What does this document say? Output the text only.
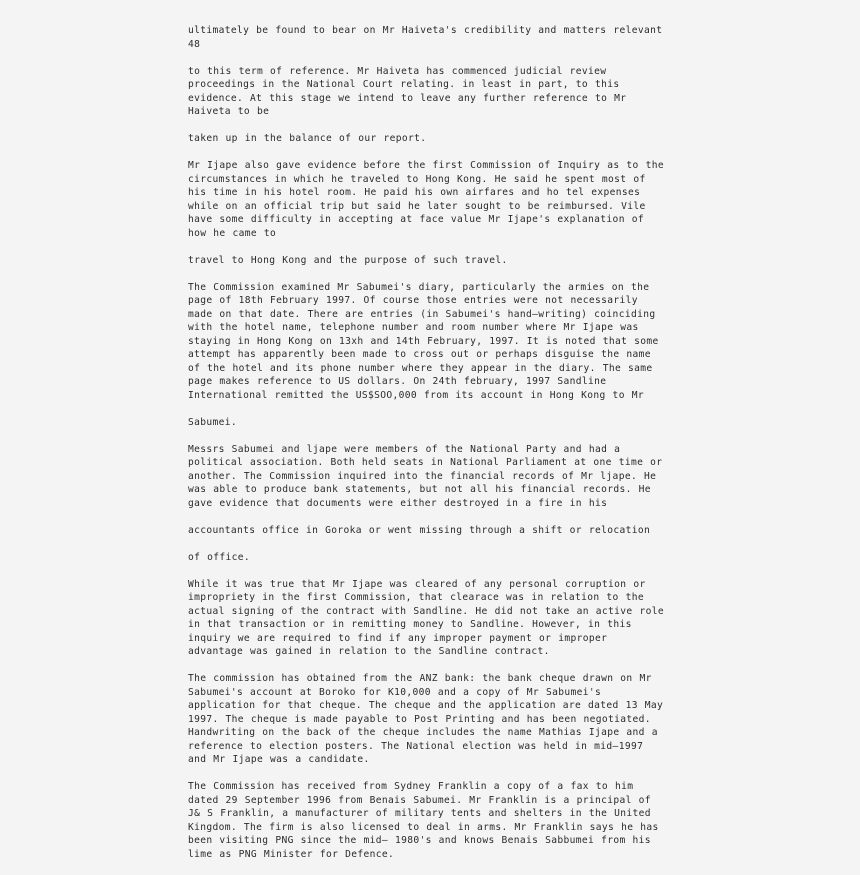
ultimately be found to bear on Mr Haiveta's credibility and matters relevant

48

to this term of reference. Mr Haiveta has commenced judicial review proceedings in the National Court relating. in least in part, to this evidence. At this stage we intend to leave any further reference to Mr Haiveta to be

taken up in the balance of our report.

Mr Ijape also gave evidence before the first Commission of Inquiry as to the circumstances in which he traveled to Hong Kong. He said he spent most of his time in his hotel room. He paid his own airfares and ho tel expenses while on an official trip but said he later sought to be reimbursed. Vile have some difficulty in accepting at face value Mr Ijape's explanation of how he came to

travel to Hong Kong and the purpose of such travel.

The Commission examined Mr Sabumei's diary, particularly the armies on the page of 18th February 1997. Of course those entries were not necessarily made on that date. There are entries (in Sabumei's hand—writing) coinciding with the hotel name, telephone number and room number where Mr Ijape was staying in Hong Kong on 13xh and 14th February, 1997. It is noted that some attempt has apparently been made to cross out or perhaps disguise the name of the hotel and its phone number where they appear in the diary. The same page makes reference to US dollars. On 24th february, 1997 Sandline International remitted the US$SOO,000 from its account in Hong Kong to Mr

Sabumei.

Messrs Sabumei and ljape were members of the National Party and had a political association. Both held seats in National Parliament at one time or another. The Commission inquired into the financial records of Mr ljape. He was able to produce bank statements, but not all his financial records. He gave evidence that documents were either destroyed in a fire in his

accountants office in Goroka or went missing through a shift or relocation

of office.

While it was true that Mr Ijape was cleared of any personal corruption or impropriety in the first Commission, that clearace was in relation to the actual signing of the contract with Sandline. He did not take an active role in that transaction or in remitting money to Sandline. However, in this inquiry we are required to find if any improper payment or improper advantage was gained in relation to the Sandline contract.

The commission has obtained from the ANZ bank: the bank cheque drawn on Mr Sabumei's account at Boroko for K10,000 and a copy of Mr Sabumei's application for that cheque. The cheque and the application are dated 13 May 1997. The cheque is made payable to Post Printing and has been negotiated. Handwriting on the back of the cheque includes the name Mathias Ijape and a reference to election posters. The National election was held in mid—1997 and Mr Ijape was a candidate.

The Commission has received from Sydney Franklin a copy of a fax to him dated 29 September 1996 from Benais Sabumei. Mr Franklin is a principal of J& S Franklin, a manufacturer of military tents and shelters in the United Kingdom. The firm is also licensed to deal in arms. Mr Franklin says he has been visiting PNG since the mid— 1980's and knows Benais Sabbumei from his lime as PNG Minister for Defence.
